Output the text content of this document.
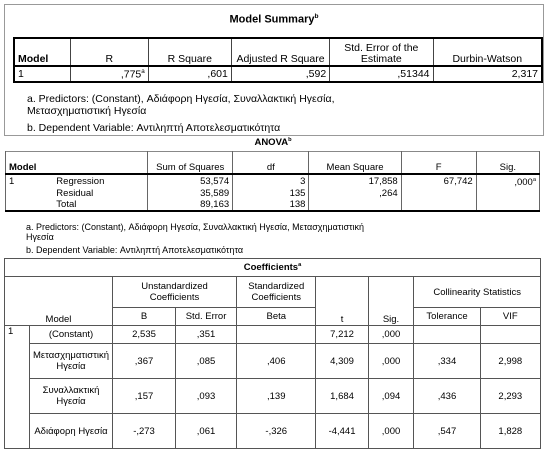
Model Summary$^b$
Model	R	R Square	Adjusted R Square	Std. Error of the Estimate	Durbin-Watson
1	,775$^a$	,601	,592	,51344	2,317
a. Predictors: (Constant), Αδιάφορη Ηγεσία, Συναλλακτική Ηγεσία,
Μετασχηματιστική Ηγεσία
b. Dependent Variable: Αντιληπτή Αποτελεσματικότητα
ANOVA$^b$
Model		Sum of Squares	df	Mean Square	F	Sig.
1	Regression	53,574	3	17,858	67,742	,000$^a$
	Residual	35,589	135	,264		
	Total	89,163	138			
a. Predictors: (Constant), Αδιάφορη Ηγεσία, Συναλλακτική Ηγεσία, Μετασχηματιστική
Ηγεσία
b. Dependent Variable: Αντιληπτή Αποτελεσματικότητα
Coefficients$^a$
Model		Unstandardized Coefficients		Standardized Coefficients	t	Sig.	Collinearity Statistics	
		B	Std. Error	Beta			Tolerance	VIF
1	(Constant)	2,535	,351		7,212	,000		
	Μετασχηματιστική Ηγεσία	,367	,085	,406	4,309	,000	,334	2,998
	Συναλλακτική Ηγεσία	,157	,093	,139	1,684	,094	,436	2,293
	Αδιάφορη Ηγεσία	-,273	,061	-,326	-4,441	,000	,547	1,828
